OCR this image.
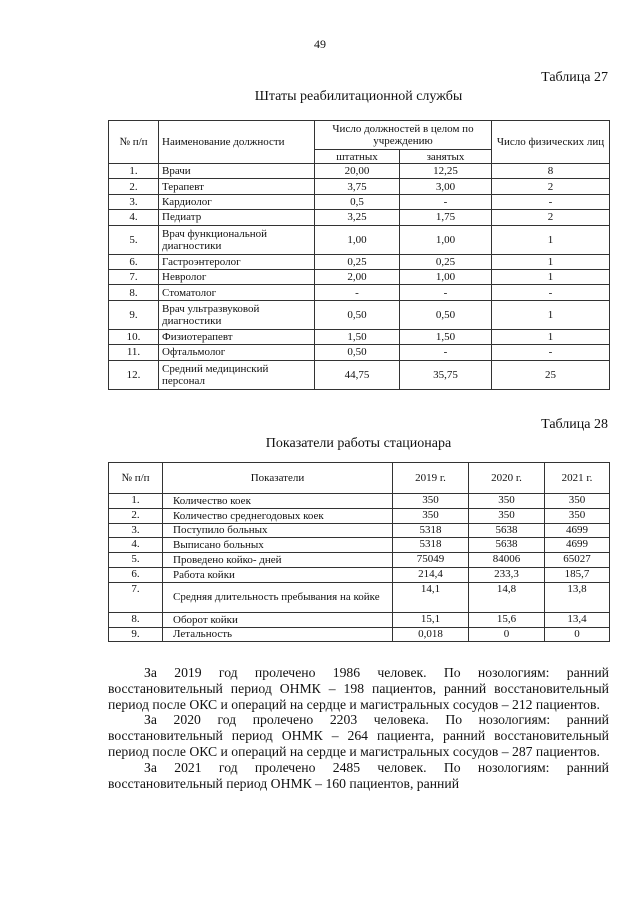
49
Таблица 27
Штаты реабилитационной службы
№ п/п	Наименование должности	Число должностей в целом по учреждению		Число физических лиц
		штатных	занятых	
1.	Врачи	20,00	12,25	8
2.	Терапевт	3,75	3,00	2
3.	Кардиолог	0,5	-	-
4.	Педиатр	3,25	1,75	2
5.	Врач функциональной диагностики	1,00	1,00	1
6.	Гастроэнтеролог	0,25	0,25	1
7.	Невролог	2,00	1,00	1
8.	Стоматолог	-	-	-
9.	Врач ультразвуковой диагностики	0,50	0,50	1
10.	Физиотерапевт	1,50	1,50	1
11.	Офтальмолог	0,50	-	-
12.	Средний медицинский персонал	44,75	35,75	25
Таблица 28
Показатели работы стационара
№ п/п	Показатели	2019 г.	2020 г.	2021 г.
1.	Количество коек	350	350	350
2.	Количество среднегодовых коек	350	350	350
3.	Поступило больных	5318	5638	4699
4.	Выписано больных	5318	5638	4699
5.	Проведено койко- дней	75049	84006	65027
6.	Работа койки	214,4	233,3	185,7
7.	Средняя длительность пребывания на койке	14,1	14,8	13,8
8.	Оборот койки	15,1	15,6	13,4
9.	Летальность	0,018	0	0

За 2019 год пролечено 1986 человек. По нозологиям: ранний восстановительный период ОНМК – 198 пациентов, ранний восстановительный период после ОКС и операций на сердце и магистральных сосудов – 212 пациентов.

За 2020 год пролечено 2203 человека. По нозологиям: ранний восстановительный период ОНМК – 264 пациента, ранний восстановительный период после ОКС и операций на сердце и магистральных сосудов – 287 пациентов.

За 2021 год пролечено 2485 человек. По нозологиям: ранний восстановительный период ОНМК – 160 пациентов, ранний
